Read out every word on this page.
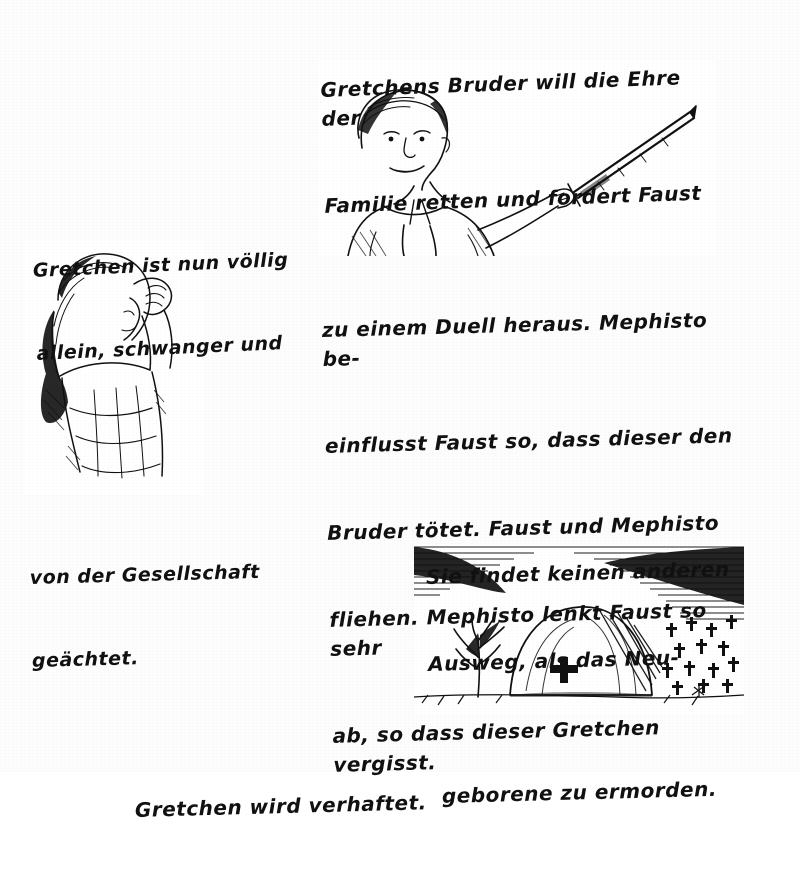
Gretchens Bruder will die Ehre der

Familie retten und fordert Faust

Gretchen ist nun völlig

allein, schwanger und

zu einem Duell heraus. Mephisto be-

einflusst Faust so, dass dieser den

Bruder tötet. Faust und Mephisto

fliehen. Mephisto lenkt Faust so sehr

ab, so dass dieser Gretchen vergisst.

von der Gesellschaft

geächtet.

Sie findet keinen anderen

Ausweg, als das Neu-

geborene zu ermorden.

Gretchen wird verhaftet.
